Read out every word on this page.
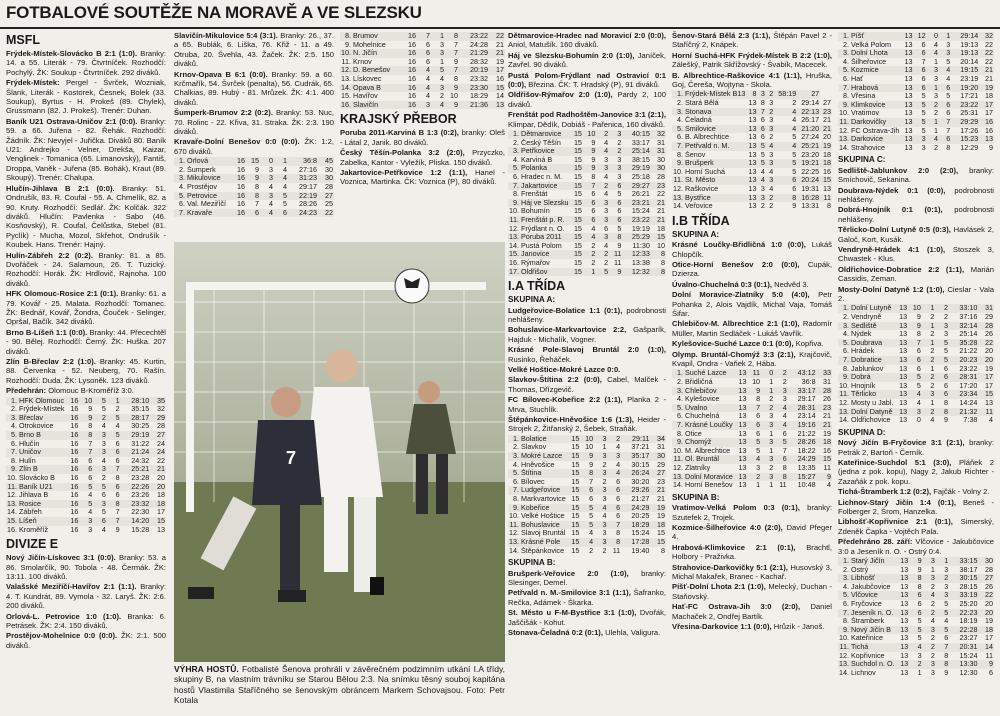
FOTBALOVÉ SOUTĚŽE NA MORAVĚ A VE SLEZSKU
MSFL

Frýdek-Místek-Slovácko B 2:1 (1:0). Branky: 14. a 55. Literák - 79. Čtvrtníček. Rozhodčí: Pochylý. ŽK: Soukup - Čtvrtníček. 292 diváků.

Frýdek-Místek: Pergel - Švrček, Wozniak, Šlank, Literák - Kostorek, Česnek, Bolek (33. Soukup), Byrtus - H. Prokeš (89. Chylek), Grussmann (82. J. Prokeš). Trenér: Duhan.

Baník U21 Ostrava-Uničov 2:1 (0:0). Branky: 59. a 66. Juřena - 82. Řehák. Rozhodčí: Žádník. ŽK: Nevyjel - Juřička. Diváků 80. Baník U21: Andrejko - Velner, Drekša, Kaizar, Venglinek - Tomanica (65. Limanovský), Fantiš, Droppa, Vaněk - Juřena (85. Bohák), Kraut (89. Skoupý). Trenér: Chalupa.

Hlučín-Jihlava B 2:1 (0:0). Branky: 51. Ondrušík, 83. R. Coufal - 55. A. Chmelík, 82. a 90. Kruty. Rozhodčí: Sedlář. ŽK: Kolčák. 322 diváků. Hlučín: Pavlenka - Sabo (46. Kosňovský), R. Coufal, Čelůstka, Stebel (81. Pyclík) - Mucha, Mozol, Skřehot, Ondrušík - Koubek. Hans. Trenér: Hajný.

Hulín-Zábřeh 2:2 (0:2). Branky: 81. a 85. Dvořáček - 24. Salamoun, 26. T. Tuzický. Rozhodčí: Horák. ŽK: Hrdlovič, Rajnoha. 100 diváků.

HFK Olomouc-Rosice 2:1 (0:1). Branky: 61. a 79. Kovář - 25. Malata. Rozhodčí: Tomanec. ŽK: Bednář, Kovář, Žondra, Čouček - Selinger, Opršal, Bačík. 342 diváků.

Brno B-Líšeň 1:1 (0:0). Branky: 44. Přecechtěl - 90. Bělej. Rozhodčí: Černý. ŽK: Huška. 207 diváků.

Zlín B-Břeclav 2:2 (1:0). Branky: 45. Kurtin, 88. Červenka - 52. Neuberg, 70. Rašín. Rozhodčí: Duda. ŽK: Lysoněk. 123 diváků.

Předehrán: Olomouc B-Kroměříž 3:0.

1.	HFK Olomouc	16	10	5	1	28:10	35
2.	Frýdek-Místek	16	9	5	2	35:15	32
3.	Břeclav	16	9	2	5	28:17	29
4.	Otrokovice	16	8	4	4	30:25	28
5.	Brno B	16	8	3	5	29:19	27
6.	Hlučín	16	7	3	6	31:22	24
7.	Uničov	16	7	3	6	21:24	24
8.	Hulín	16	6	4	6	24:32	22
9.	Zlín B	16	6	3	7	25:21	21
10.	Slovácko B	16	6	2	8	23:28	20
11.	Baník U21	16	5	5	6	22:26	20
12.	Jihlava B	16	4	6	6	23:26	18
13.	Rosice	16	5	3	8	23:32	18
14.	Zábřeh	16	4	5	7	22:30	17
15.	Líšeň	16	3	6	7	14:20	15
16.	Kroměříž	16	3	4	9	15:28	13
DIVIZE E

Nový Jičín-Lískovec 3:1 (0:0). Branky: 53. a 86. Smolarčík, 90. Tobola - 48. Čermák. ŽK: 13:11. 100 diváků.

Valašské Meziříčí-Havířov 2:1 (1:1). Branky: 4. T. Kundrát, 89. Vymola - 32. Laryš. ŽK: 2:6. 200 diváků.

Orlová-L. Petrovice 1:0 (1:0). Branka: 6. Petrásek. ŽK: 2:4. 150 diváků.

Prostějov-Mohelnice 0:0 (0:0). ŽK: 2:1. 500 diváků.

Slavičín-Mikulovice 5:4 (3:1). Branky: 26., 37. a 65. Bublák, 6. Liška, 76. Křiž - 11. a 49. Otruba, 20. Švehla, 43. Žaček. ŽK: 2:5. 150 diváků.

Krnov-Opava B 6:1 (0:0). Branky: 59. a 60. Krčmařík, 54. Švrček (penalta), 56. Cudrák, 65. Chalkias, 89. Hubý - 81. Mrůzek. ŽK: 4:1. 400 diváků.

Šumperk-Brumov 2:2 (0:2). Branky: 53. Nuc, 70. Rolinc - 22. Křiva, 31. Straka. ŽK: 2:3. 190 diváků.

Kravaře-Dolní Benešov 0:0 (0:0). ŽK: 1:2, 670 diváků.

1.	Orlová	16	15	0	1	36:8	45
2.	Šumperk	16	9	3	4	27:16	30
3.	Mikulovice	16	9	3	4	31:23	30
4.	Prostějov	16	8	4	4	29:17	28
5.	Petrovice	16	8	3	5	22:19	27
6.	Val. Meziříčí	16	7	4	5	28:26	25
7.	Kravaře	16	6	4	6	24:23	22
8.	Brumov	16	7	1	8	23:22	22
9.	Mohelnice	16	6	3	7	24:28	21
10.	N. Jičín	16	6	3	7	21:29	21
11.	Krnov	16	6	1	9	28:32	19
12.	D. Benešov	16	4	5	7	20:19	17
13.	Lískovec	16	4	4	8	23:32	16
14.	Opava B	16	4	3	9	23:30	15
15.	Havířov	16	4	2	10	18:29	14
16.	Slavičín	16	3	4	9	21:36	13
KRAJSKÝ PŘEBOR

Poruba 2011-Karviná B 1:3 (0:2), branky: Oleš - Látal 2, Janik. 80 diváků.

Český Těšín-Polanka 3:2 (2:0), Przyczko, Zabelka, Kantor - Vyležík, Pliska. 150 diváků.

Jakartovice-Petřkovice 1:2 (1:1), Hanel - Voznica, Martinka. ČK: Voznica (P), 80 diváků.

Dětmarovice-Hradec nad Moravicí 2:0 (0:0), Aniol, Matušík. 160 diváků.

Háj ve Slezsku-Bohumín 2:0 (1:0), Janíček, Zavřel. 90 diváků.

Pustá Polom-Frýdlant nad Ostravicí 0:1 (0:0), Březina. ČK: T. Hradský (P), 91 diváků.

Oldřišov-Rýmařov 2:0 (1:0), Pardy 2, 100 diváků.

Frenštát pod Radhoštěm-Janovice 3:1 (2:1), Klimpar, Dědík, Dobiáš - Pařenica, 160 diváků.

1.	Dětmarovice	15	10	2	3	40:15	32
2.	Český Těšín	15	9	4	2	33:17	31
3.	Petřkovice	15	9	4	2	25:14	31
4.	Karviná B	15	9	3	3	38:15	30
5.	Polanka	15	9	3	3	29:19	30
6.	Hradec n. M.	15	8	4	3	25:18	28
7.	Jakartovice	15	7	2	6	29:27	23
8.	Frenštát	15	6	4	5	26:21	22
9.	Háj ve Slezsku	15	6	3	6	23:21	21
10.	Bohumín	15	6	3	6	15:24	21
11.	Frenštát p. R.	15	6	3	6	23:22	21
12.	Frýdlant n. O.	15	4	6	5	19:19	18
13.	Poruba 2011	15	4	3	8	25:29	15
14.	Pustá Polom	15	2	4	9	11:30	10
15.	Janovice	15	2	2	11	12:33	8
16.	Rýmařov	15	2	2	11	13:38	8
17.	Oldřišov	15	1	5	9	12:32	8
I.A TŘÍDA
SKUPINA A:

Ludgeřovice-Bolatice 1:1 (0:1), podrobnosti nehlášeny.

Bohuslavice-Markvartovice 2:2, Gašparík, Hajduk - Michalík, Vogner.

Krásné Pole-Slavoj Bruntál 2:0 (1:0), Rusinko, Řeháček.

Velké Hoštice-Mokré Lazce 0:0.

Slavkov-Štítina 2:2 (0:0), Cabel, Malček - Thomas, Dřízgevič.

FC Bílovec-Kobeřice 2:2 (1:1), Planka 2 - Mrva, Stuchlík.

Štěpánkovice-Hněvošice 1:6 (1:3), Heider - Strojek 2, Žitřanský 2, Šebek, Straňák.

1.	Bolatice	15	10	3	2	29:11	34
2.	Slavkov	15	10	1	4	37:21	31
3.	Mokré Lazce	15	9	3	3	35:17	30
4.	Hněvošice	15	9	2	4	30:15	29
5.	Štítina	15	8	3	4	26:24	27
6.	Bílovec	15	7	2	6	30:20	23
7.	Ludgeřovice	15	6	3	6	29:26	21
8.	Markvartovice	15	6	3	6	21:27	21
9.	Kobeřice	15	5	4	6	24:29	19
10.	Velké Hoštice	15	5	4	6	20:25	19
11.	Bohuslavice	15	5	3	7	18:29	18
12.	Slavoj Bruntál	15	4	3	8	15:24	15
13.	Krásné Pole	15	4	3	8	17:28	15
14.	Štěpánkovice	15	2	2	11	19:40	8
SKUPINA B:

Brušperk-Veřovice 2:0 (1:0), branky: Slesinger, Demel.

Petřvald n. M.-Smilovice 3:1 (1:1), Šafranko, Rečka, Adámek - Škarka.

St. Město u F-M-Bystřice 3:1 (1:0), Dvořák, Jaščišák - Kohut.

Stonava-Čeladná 0:2 (0:1), Ulehla, Valigura.

Šenov-Stará Bělá 2:3 (1:1), Štěpán Pavel 2 - Staříčný 2, Knápek.

Horní Suchá-HFK Frýdek-Místek B 2:2 (1:0), Zálešký, Patrik Skřížovský - Švabík, Macecek.

B. Albrechtice-Raškovice 4:1 (1:1), Hruška, Goj, Čereša, Wojtyna - Skola.

1.	Frýdek-Místek B13	8	3	2	58:19	27	
2.	Stará Bělá	13	8	3	2	29:14	27
3.	Stonava	13	7	2	4	22:13	23
4.	Čeladná	13	6	3	4	26:17	21
5.	Smilovice	13	6	3	4	21:20	21
6.	B. Albrechtice	13	6	2	5	27:24	20
7.	Petřvald n. M.	13	5	4	4	25:21	19
8.	Šenov	13	5	3	5	23:20	18
9.	Brušperk	13	5	3	5	19:21	18
10.	Horní Suchá	13	4	4	5	22:25	16
11.	St. Město	13	4	3	6	20:24	15
12.	Raškovice	13	3	4	6	19:31	13
13.	Bystřice	13	3	2	8	16:28	11
14.	Veřovice	13	2	2	9	13:31	8
I.B TŘÍDA
SKUPINA A:

Krásné Loučky-Břidličná 1:0 (0:0), Lukáš Chlopčík.

Otice-Horní Benešov 2:0 (0:0), Cupák, Dzierza.

Úvalno-Chuchelná 0:3 (0:1), Nedvěd 3.

Dolní Moravice-Zlatníky 5:0 (4:0), Petr Pohanka 2, Alois Vajdík, Michal Vaja, Tomáš Šifar.

Chlebičov-M. Albrechtice 2:1 (1:0), Radomír Müller, Martin Sedláček - Lukáš Vavřík.

Kylešovice-Suché Lazce 0:1 (0:0), Kopřiva.

Olymp. Bruntál-Chomýž 3:3 (2:1), Krajčovič, Kvapil, Ondra - Vaňek 2, Hába.

1.	Suché Lazce	13	11	0	2	43:12	33
2.	Břidličná	13	10	1	2	36:8	31
3.	Chlebičov	13	9	1	3	33:17	28
4.	Kylešovice	13	8	2	3	29:17	26
5.	Úvalno	13	7	2	4	28:31	23
6.	Chuchelná	13	6	3	4	23:14	21
7.	Krásné Loučky	13	6	3	4	19:16	21
8.	Otice	13	6	1	6	21:22	19
9.	Chomýž	13	5	3	5	28:26	18
10.	M. Albrechtice	13	5	1	7	18:22	16
11.	Ol. Bruntál	13	4	3	6	24:29	15
12.	Zlatníky	13	3	2	8	13:35	11
13.	Dolní Moravice	13	2	3	8	15:27	9
14.	Horní Benešov	13	1	1	11	10:48	4
SKUPINA B:

Vratimov-Velká Polom 0:3 (0:1), branky: Szutefek 2, Trojek.

Kozmice-Šilheřovice 4:0 (2:0), David Pfeger 4.

Hrabová-Klimkovice 2:1 (0:1), Brachtl, Holbory - Praživka.

Strahovice-Darkovičky 5:1 (2:1), Husovský 3, Michal Makařek, Branec - Kachař.

Píšť-Dolní Lhota 2:1 (1:0), Melecký, Duchan - Staňovský.

Hať-FC Ostrava-Jih 3:0 (2:0), Daniel Machaček 2, Ondřej Bartík.

Vřesina-Darkovice 1:1 (0:0), Hrůzik - Janoš.

1.	Píšť	13	12	0	1	29:14	32
2.	Velká Polom	13	6	4	3	19:13	22
3.	Dolní Lhota	13	6	4	3	19:13	22
4.	Šilheřovice	13	7	1	5	20:14	22
5.	Kozmice	13	6	3	4	19:15	21
6.	Hať	13	6	3	4	23:19	21
7.	Hrabová	13	6	1	6	19:20	19
8.	Vřesina	13	5	3	5	17:21	18
9.	Klimkovice	13	5	2	6	23:22	17
10.	Vratimov	13	5	2	6	25:31	17
11.	Darkovičky	13	5	1	7	29:29	16
12.	FC Ostrava-Jih	13	5	1	7	17:26	16
13.	Darkovice	13	3	4	6	15:23	13
14.	Strahovice	13	3	2	8	12:29	9
SKUPINA C:

Sedliště-Jablunkov 2:0 (2:0), branky: Smíchovič, Sekanina.

Doubrava-Nýdek 0:1 (0:0), podrobnosti nehlášeny.

Dobrá-Hnojník 0:1 (0:1), podrobnosti nehlášeny.

Těrlicko-Dolní Lutyně 0:5 (0:3), Havlásek 2, Galoč, Kort, Kusák.

Vendryně-Hrádek 4:1 (1:0), Stoszek 3, Chwastek - Klus.

Oldřichovice-Dobratice 2:2 (1:1), Marián Cassidis, Zeman.

Mosty-Dolní Datyně 1:2 (1:0), Cieslar - Vala 2.

1.	Dolní Lutyně	13	10	1	2	33:10	31
2.	Vendryně	13	9	2	2	37:16	29
3.	Sedliště	13	9	1	3	32:14	28
4.	Nýdek	13	8	2	3	25:14	26
5.	Doubrava	13	7	1	5	35:28	22
6.	Hrádek	13	6	2	5	21:22	20
7.	Dobratice	13	6	2	5	20:23	20
8.	Jablunkov	13	6	1	6	23:22	19
9.	Dobrá	13	5	2	6	28:31	17
10.	Hnojník	13	5	2	6	17:20	17
11.	Těrlicko	13	4	3	6	23:34	15
12.	Mosty u Jabl.	13	4	1	8	14:24	13
13.	Dolní Datyně	13	3	2	8	21:32	11
14.	Oldřichovice	13	0	4	9	7:38	4
SKUPINA D:

Nový Jičín B-Fryčovice 3:1 (2:1), branky: Petrák 2, Bartoň - Černík.

Kateřinice-Suchdol 5:1 (3:0), Pláňek 2 (jedna z pok. kopu), Nagy 2, Jakub Richter - Zazaňák z pok. kopu.

Tichá-Štramberk 1:2 (0:2), Fajčák - Volny 2.

Lichnov-Starý Jičín 1:4 (0:1), Beneš - Folberger 2, Šrom, Hanzelka.

Libhošť-Kopřivnice 2:1 (0:1), Simerský, Zdeněk Čapka - Vojtěch Pala.

Předehráno 28. září: Vlčovice - Jakubčovice 3:0 a Jeseník n. O. - Ostrý 0:4.

1.	Starý Jičín	13	9	3	1	33:15	30
2.	Ostrý	13	9	1	3	38:17	28
3.	Libhošť	13	8	3	2	30:15	27
4.	Jakubčovice	13	8	2	3	28:15	26
5.	Vlčovice	13	6	4	3	33:19	22
6.	Fryčovice	13	6	2	5	25:20	20
7.	Jeseník n. O.	13	6	2	5	22:23	20
8.	Štramberk	13	5	4	4	18:19	19
9.	Nový Jičín B	13	5	3	5	22:28	18
10.	Kateřinice	13	5	2	6	23:27	17
11.	Tichá	13	4	2	7	20:31	14
12.	Kopřivnice	13	3	2	8	15:24	11
13.	Suchdol n. O.	13	2	3	8	13:30	9
14.	Lichnov	13	1	3	9	12:30	6
7
VÝHRA HOSTŮ. Fotbalisté Šenova prohráli v závěrečném podzimním utkání I.A třídy, skupiny B, na vlastním trávníku se Starou Bělou 2:3. Na snímku těsný souboj kapitána hostů Vlastimila Staříčného se šenovským obráncem Markem Schovajsou. Foto: Petr Kotala
